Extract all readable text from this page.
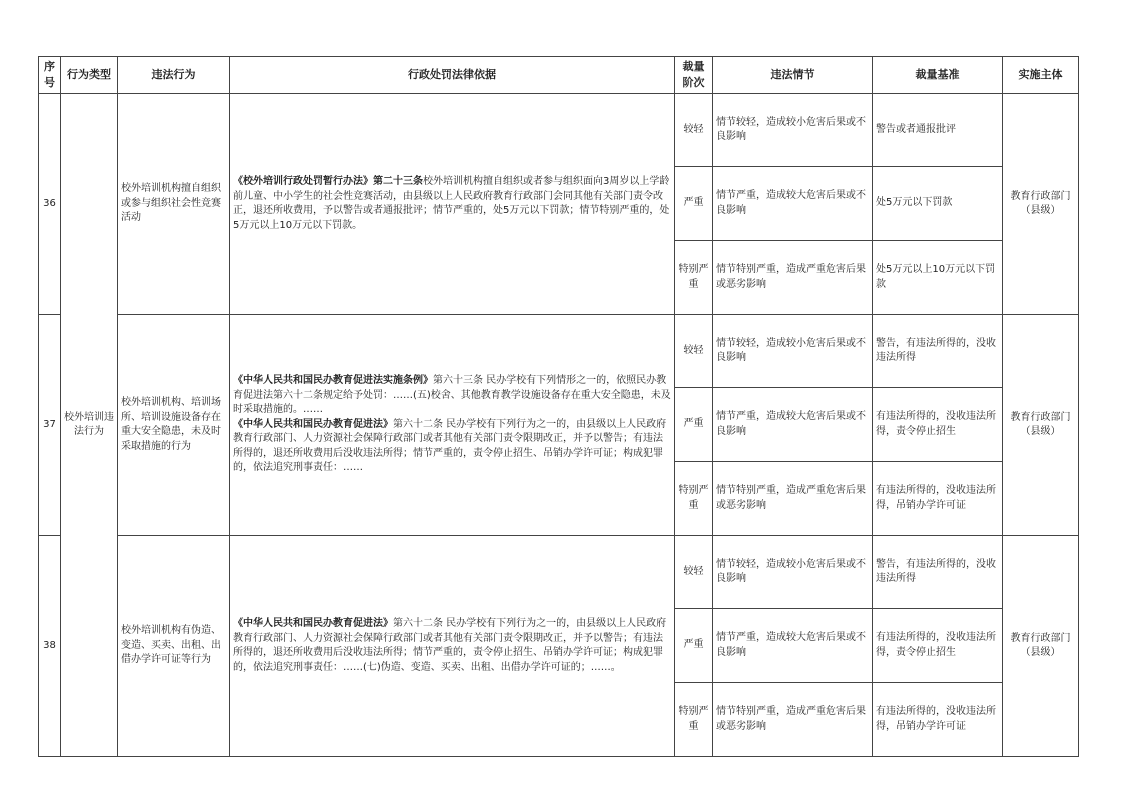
序号	行为类型	违法行为	行政处罚法律依据	裁量阶次	违法情节	裁量基准	实施主体
36	校外培训违法行为	校外培训机构擅自组织或参与组织社会性竞赛活动	《校外培训行政处罚暂行办法》第二十三条校外培训机构擅自组织或者参与组织面向3周岁以上学龄前儿童、中小学生的社会性竞赛活动，由县级以上人民政府教育行政部门会同其他有关部门责令改正，退还所收费用，予以警告或者通报批评；情节严重的，处5万元以下罚款；情节特别严重的，处5万元以上10万元以下罚款。	较轻	情节较轻，造成较小危害后果或不良影响	警告或者通报批评	教育行政部门（县级）
				严重	情节严重，造成较大危害后果或不良影响	处5万元以下罚款	
				特别严重	情节特别严重，造成严重危害后果或恶劣影响	处5万元以上10万元以下罚款	
37		校外培训机构、培训场所、培训设施设备存在重大安全隐患，未及时采取措施的行为	《中华人民共和国民办教育促进法实施条例》第六十三条 民办学校有下列情形之一的，依照民办教育促进法第六十二条规定给予处罚：……(五)校舍、其他教育教学设施设备存在重大安全隐患，未及时采取措施的。……
《中华人民共和国民办教育促进法》第六十二条 民办学校有下列行为之一的，由县级以上人民政府教育行政部门、人力资源社会保障行政部门或者其他有关部门责令限期改正，并予以警告；有违法所得的，退还所收费用后没收违法所得；情节严重的，责令停止招生、吊销办学许可证；构成犯罪的，依法追究刑事责任：……	较轻	情节较轻，造成较小危害后果或不良影响	警告，有违法所得的，没收违法所得	教育行政部门（县级）
				严重	情节严重，造成较大危害后果或不良影响	有违法所得的，没收违法所得，责令停止招生	
				特别严重	情节特别严重，造成严重危害后果或恶劣影响	有违法所得的，没收违法所得，吊销办学许可证	
38		校外培训机构有伪造、变造、买卖、出租、出借办学许可证等行为	《中华人民共和国民办教育促进法》第六十二条 民办学校有下列行为之一的，由县级以上人民政府教育行政部门、人力资源社会保障行政部门或者其他有关部门责令限期改正，并予以警告；有违法所得的，退还所收费用后没收违法所得；情节严重的，责令停止招生、吊销办学许可证；构成犯罪的，依法追究刑事责任：……(七)伪造、变造、买卖、出租、出借办学许可证的；……。	较轻	情节较轻，造成较小危害后果或不良影响	警告，有违法所得的，没收违法所得	教育行政部门（县级）
				严重	情节严重，造成较大危害后果或不良影响	有违法所得的，没收违法所得，责令停止招生	
				特别严重	情节特别严重，造成严重危害后果或恶劣影响	有违法所得的，没收违法所得，吊销办学许可证	
